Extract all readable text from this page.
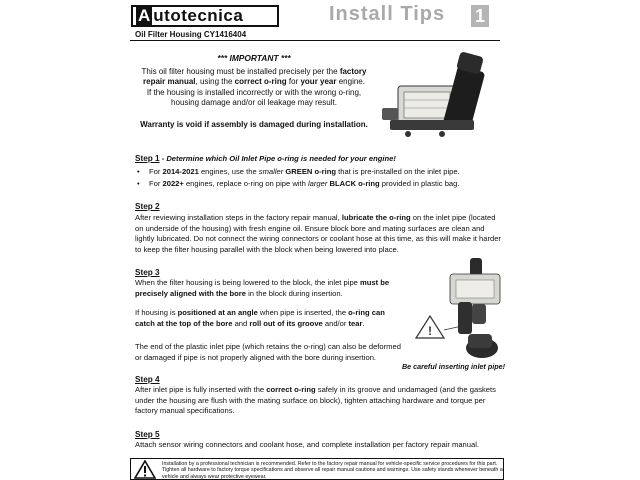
A utotecnica	Install Tips 1
Oil Filter Housing CY1416404
*** IMPORTANT ***
This oil filter housing must be installed precisely per the factory repair manual, using the correct o-ring for your year engine.
If the housing is installed incorrectly or with the wrong o-ring,
housing damage and/or oil leakage may result.
Warranty is void if assembly is damaged during installation.
Step 1 - Determine which Oil Inlet Pipe o-ring is needed for your engine!
• For 2014-2021 engines, use the smaller GREEN o-ring that is pre-installed on the inlet pipe.
• For 2022+ engines, replace o-ring on pipe with larger BLACK o-ring provided in plastic bag.
Step 2
After reviewing installation steps in the factory repair manual, lubricate the o-ring on the inlet pipe (located on underside of the housing) with fresh engine oil. Ensure block bore and mating surfaces are clean and lightly lubricated. Do not connect the wiring connectors or coolant hose at this time, as this will make it harder to keep the filter housing parallel with the block when being lowered into place.
Step 3
When the filter housing is being lowered to the block, the inlet pipe must be precisely aligned with the bore in the block during insertion.
If housing is positioned at an angle when pipe is inserted, the o-ring can catch at the top of the bore and roll out of its groove and/or tear.
The end of the plastic inlet pipe (which retains the o-ring) can also be deformed or damaged if pipe is not properly aligned with the bore during insertion.
!
Be careful inserting inlet pipe!
Step 4
After inlet pipe is fully inserted with the correct o-ring safely in its groove and undamaged (and the gaskets under the housing are flush with the mating surface on block), tighten attaching hardware and torque per factory manual specifications.
Step 5
Attach sensor wiring connectors and coolant hose, and complete installation per factory repair manual.
Installation by a professional technician is recommended. Refer to the factory repair manual for vehicle-specific service procedures for this part. Tighten all hardware to factory torque specifications and observe all repair manual cautions and warnings. Use safety stands whenever beneath a vehicle and always wear protective eyewear.
